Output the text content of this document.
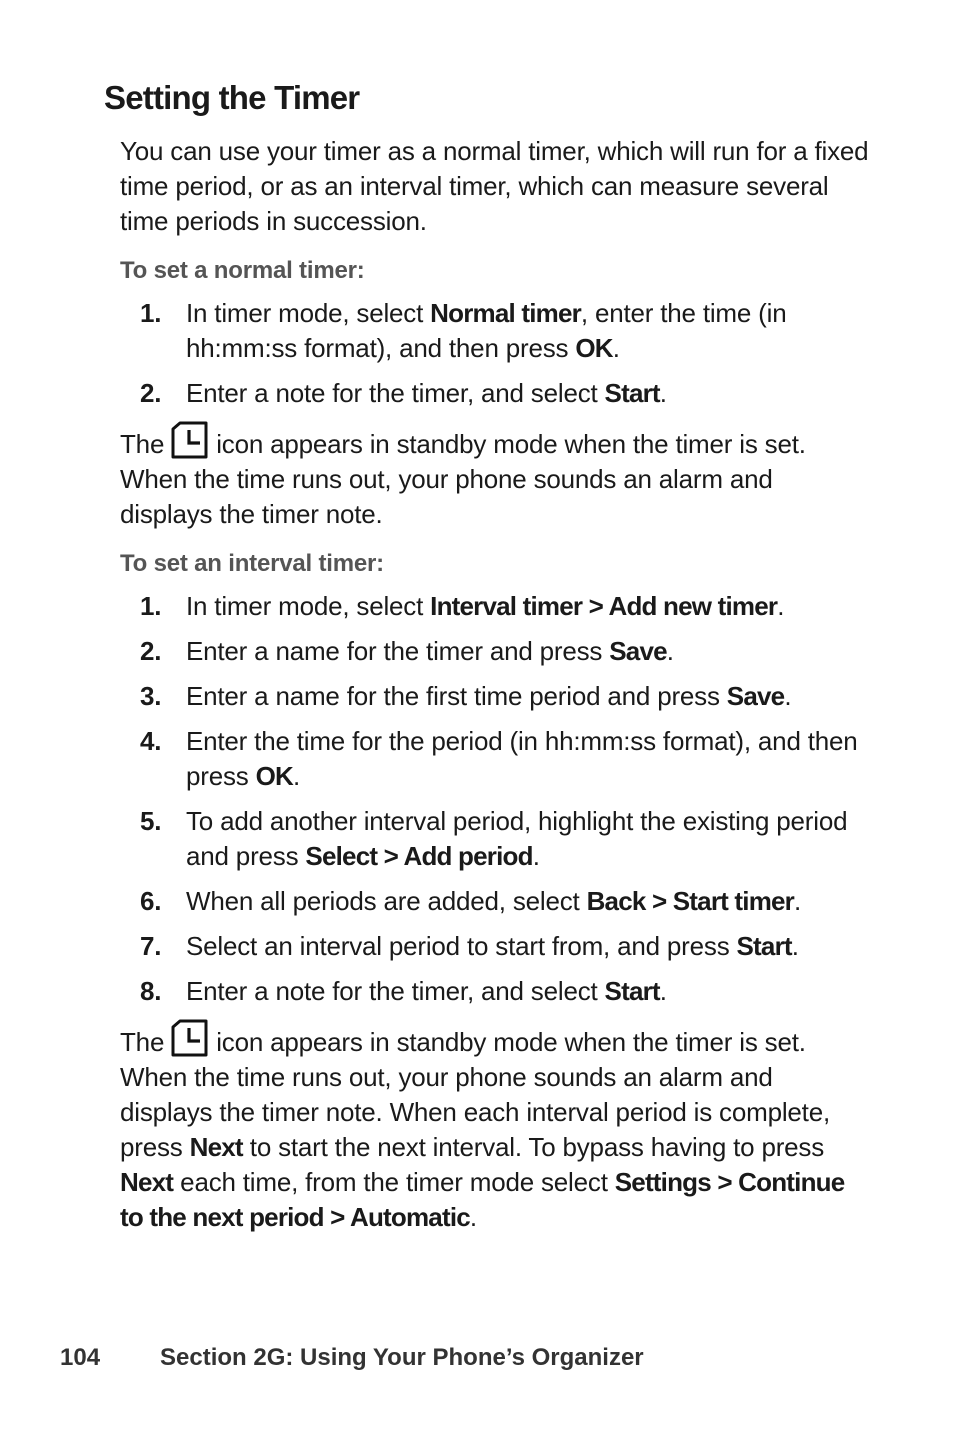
Setting the Timer

You can use your timer as a normal timer, which will run for a fixed time period, or as an interval timer, which can measure several time periods in succession.

To set a normal timer:

1. In timer mode, select Normal timer, enter the time (in hh:mm:ss format), and then press OK.
2. Enter a note for the timer, and select Start.

The icon appears in standby mode when the timer is set. When the time runs out, your phone sounds an alarm and displays the timer note.

To set an interval timer:

1. In timer mode, select Interval timer > Add new timer.
2. Enter a name for the timer and press Save.
3. Enter a name for the first time period and press Save.
4. Enter the time for the period (in hh:mm:ss format), and then press OK.
5. To add another interval period, highlight the existing period and press Select > Add period.
6. When all periods are added, select Back > Start timer.
7. Select an interval period to start from, and press Start.
8. Enter a note for the timer, and select Start.

The icon appears in standby mode when the timer is set. When the time runs out, your phone sounds an alarm and displays the timer note. When each interval period is complete, press Next to start the next interval. To bypass having to press Next each time, from the timer mode select Settings > Continue to the next period > Automatic.

104 Section 2G: Using Your Phone’s Organizer
